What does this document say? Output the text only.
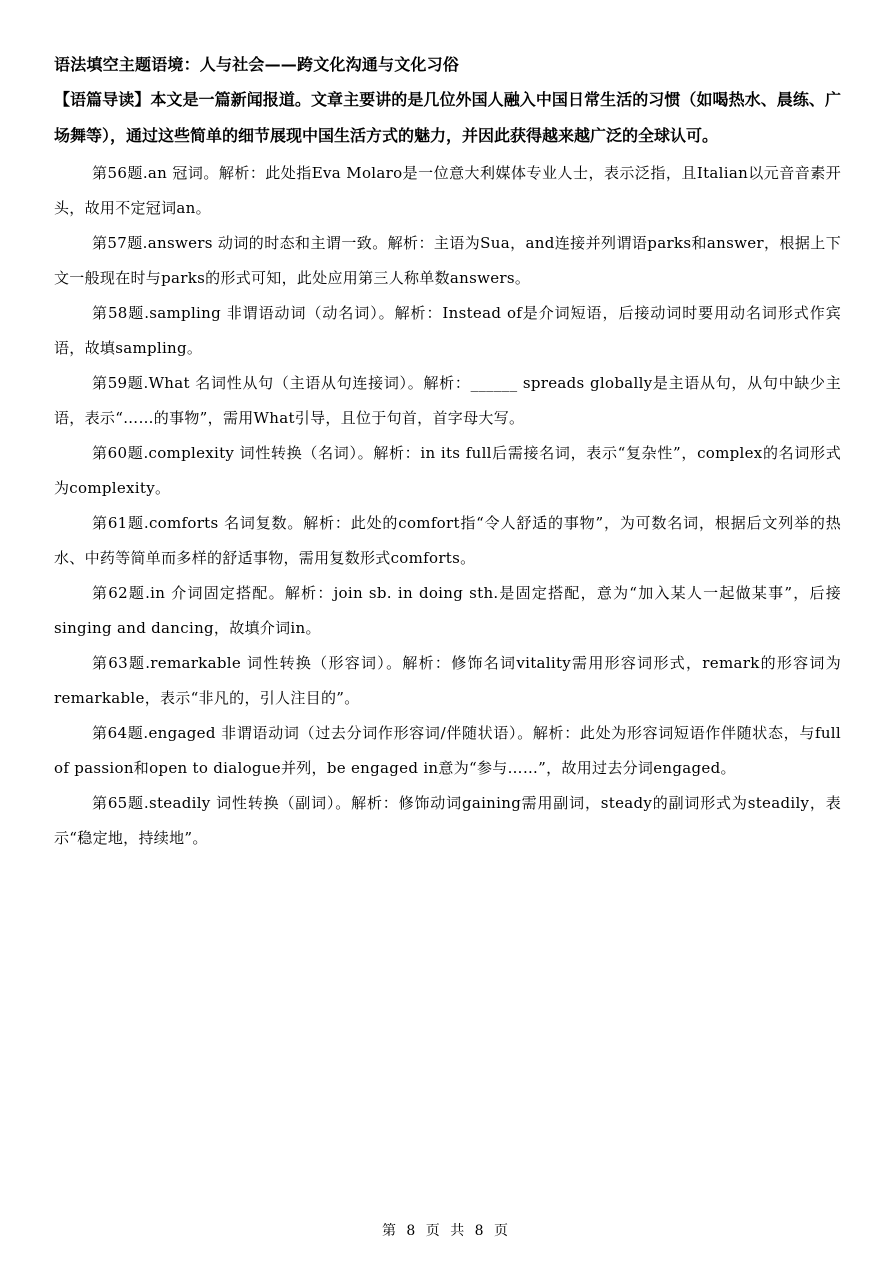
语法填空主题语境：人与社会——跨文化沟通与文化习俗

【语篇导读】本文是一篇新闻报道。文章主要讲的是几位外国人融入中国日常生活的习惯（如喝热水、晨练、广场舞等），通过这些简单的细节展现中国生活方式的魅力，并因此获得越来越广泛的全球认可。

第56题.an 冠词。解析：此处指Eva Molaro是一位意大利媒体专业人士，表示泛指，且Italian以元音音素开头，故用不定冠词an。

第57题.answers 动词的时态和主谓一致。解析：主语为Sua，and连接并列谓语parks和answer，根据上下文一般现在时与parks的形式可知，此处应用第三人称单数answers。

第58题.sampling 非谓语动词（动名词）。解析：Instead of是介词短语，后接动词时要用动名词形式作宾语，故填sampling。

第59题.What 名词性从句（主语从句连接词）。解析：______ spreads globally是主语从句，从句中缺少主语，表示“……的事物”，需用What引导，且位于句首，首字母大写。

第60题.complexity 词性转换（名词）。解析：in its full后需接名词，表示“复杂性”，complex的名词形式为complexity。

第61题.comforts 名词复数。解析：此处的comfort指“令人舒适的事物”，为可数名词，根据后文列举的热水、中药等简单而多样的舒适事物，需用复数形式comforts。

第62题.in 介词固定搭配。解析：join sb. in doing sth.是固定搭配，意为“加入某人一起做某事”，后接singing and dancing，故填介词in。

第63题.remarkable 词性转换（形容词）。解析：修饰名词vitality需用形容词形式，remark的形容词为remarkable，表示“非凡的，引人注目的”。

第64题.engaged 非谓语动词（过去分词作形容词/伴随状语）。解析：此处为形容词短语作伴随状态，与full of passion和open to dialogue并列，be engaged in意为“参与……”，故用过去分词engaged。

第65题.steadily 词性转换（副词）。解析：修饰动词gaining需用副词，steady的副词形式为steadily，表示“稳定地，持续地”。

第 8 页 共 8 页
